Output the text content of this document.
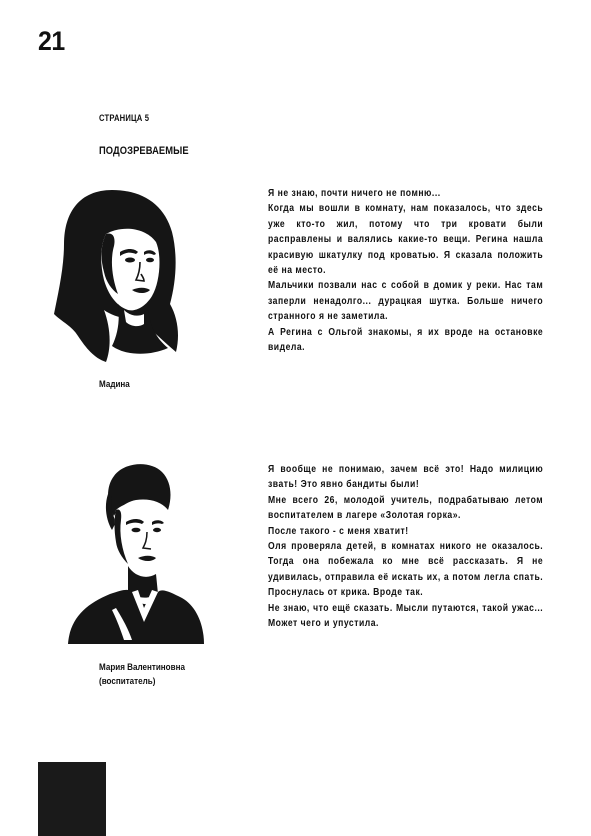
21
СТРАНИЦА 5
ПОДОЗРЕВАЕМЫЕ
Мадина

Я не знаю, почти ничего не помню...

Когда мы вошли в комнату, нам показалось, что здесь уже кто-то жил, потому что три кровати были расправлены и валялись какие-то вещи. Регина нашла красивую шкатулку под кроватью. Я сказала положить её на место.

Мальчики позвали нас с собой в домик у реки. Нас там заперли ненадолго... дурацкая шутка. Больше ничего странного я не заметила.

А Регина с Ольгой знакомы, я их вроде на остановке видела.

Мария Валентиновна
(воспитатель)

Я вообще не понимаю, зачем всё это! Надо милицию звать! Это явно бандиты были!

Мне всего 26, молодой учитель, подрабатываю летом воспитателем в лагере «Золотая горка».

После такого - с меня хватит!

Оля проверяла детей, в комнатах никого не оказалось. Тогда она побежала ко мне всё рассказать. Я не удивилась, отправила её искать их, а потом легла спать. Проснулась от крика. Вроде так.

Не знаю, что ещё сказать. Мысли путаются, такой ужас... Может чего и упустила.
